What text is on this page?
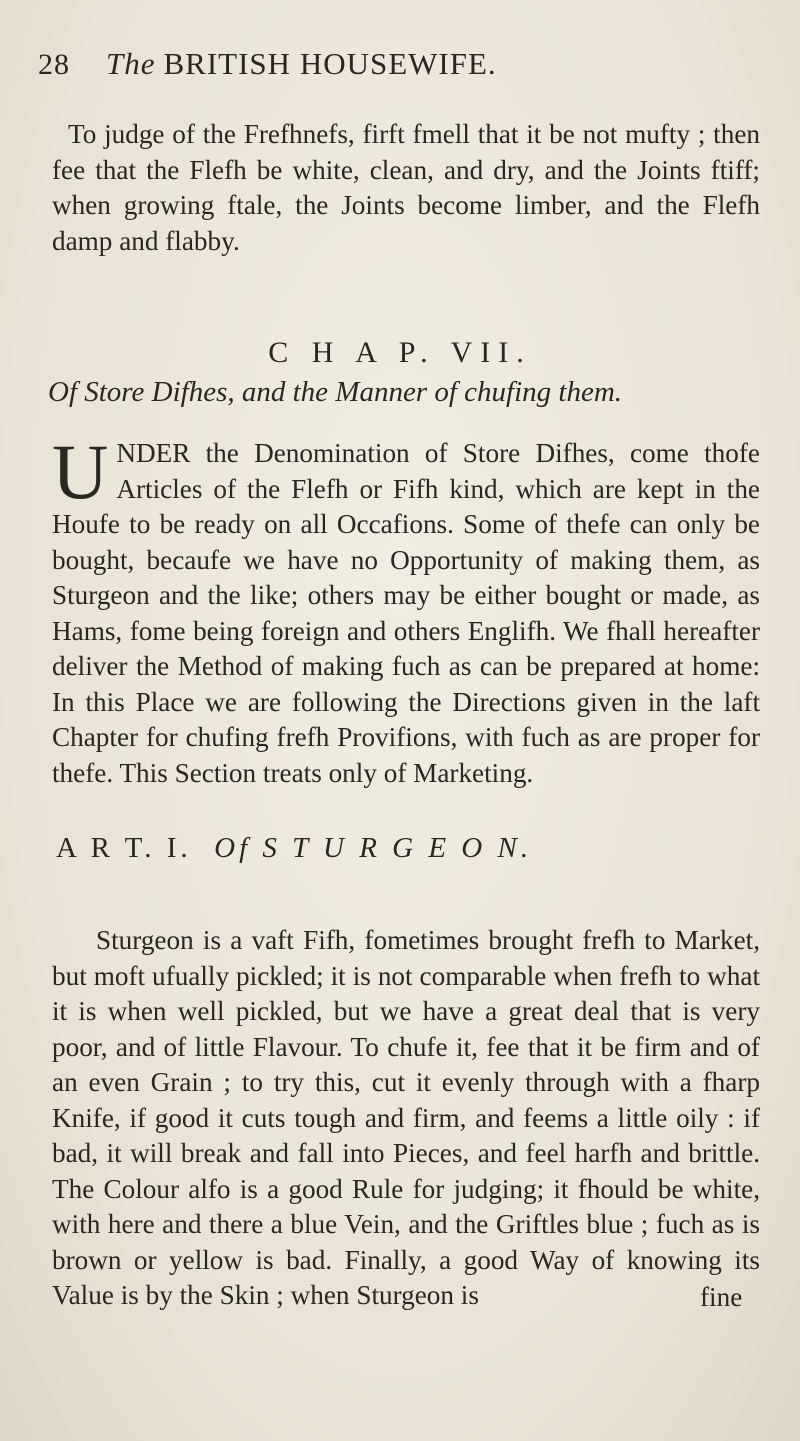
28 The BRITISH HOUSEWIFE.

To judge of the Frefhnefs, firft fmell that it be not mufty ; then fee that the Flefh be white, clean, and dry, and the Joints ftiff; when growing ftale, the Joints become limber, and the Flefh damp and flabby.

C H A P. VII.
Of Store Difhes, and the Manner of chufing them.
UNDER the Denomination of Store Difhes, come thofe Articles of the Flefh or Fifh kind, which are kept in the Houfe to be ready on all Occafions. Some of thefe can only be bought, becaufe we have no Opportunity of making them, as Sturgeon and the like; others may be either bought or made, as Hams, fome being foreign and others Englifh. We fhall hereafter deliver the Method of making fuch as can be prepared at home: In this Place we are following the Directions given in the laft Chapter for chufing frefh Provifions, with fuch as are proper for thefe. This Section treats only of Marketing.
A R T. I. Of S T U R G E O N.

Sturgeon is a vaft Fifh, fometimes brought frefh to Market, but moft ufually pickled; it is not comparable when frefh to what it is when well pickled, but we have a great deal that is very poor, and of little Flavour. To chufe it, fee that it be firm and of an even Grain ; to try this, cut it evenly through with a fharp Knife, if good it cuts tough and firm, and feems a little oily : if bad, it will break and fall into Pieces, and feel harfh and brittle. The Colour alfo is a good Rule for judging; it fhould be white, with here and there a blue Vein, and the Griftles blue ; fuch as is brown or yellow is bad. Finally, a good Way of knowing its Value is by the Skin ; when Sturgeon is	fine
